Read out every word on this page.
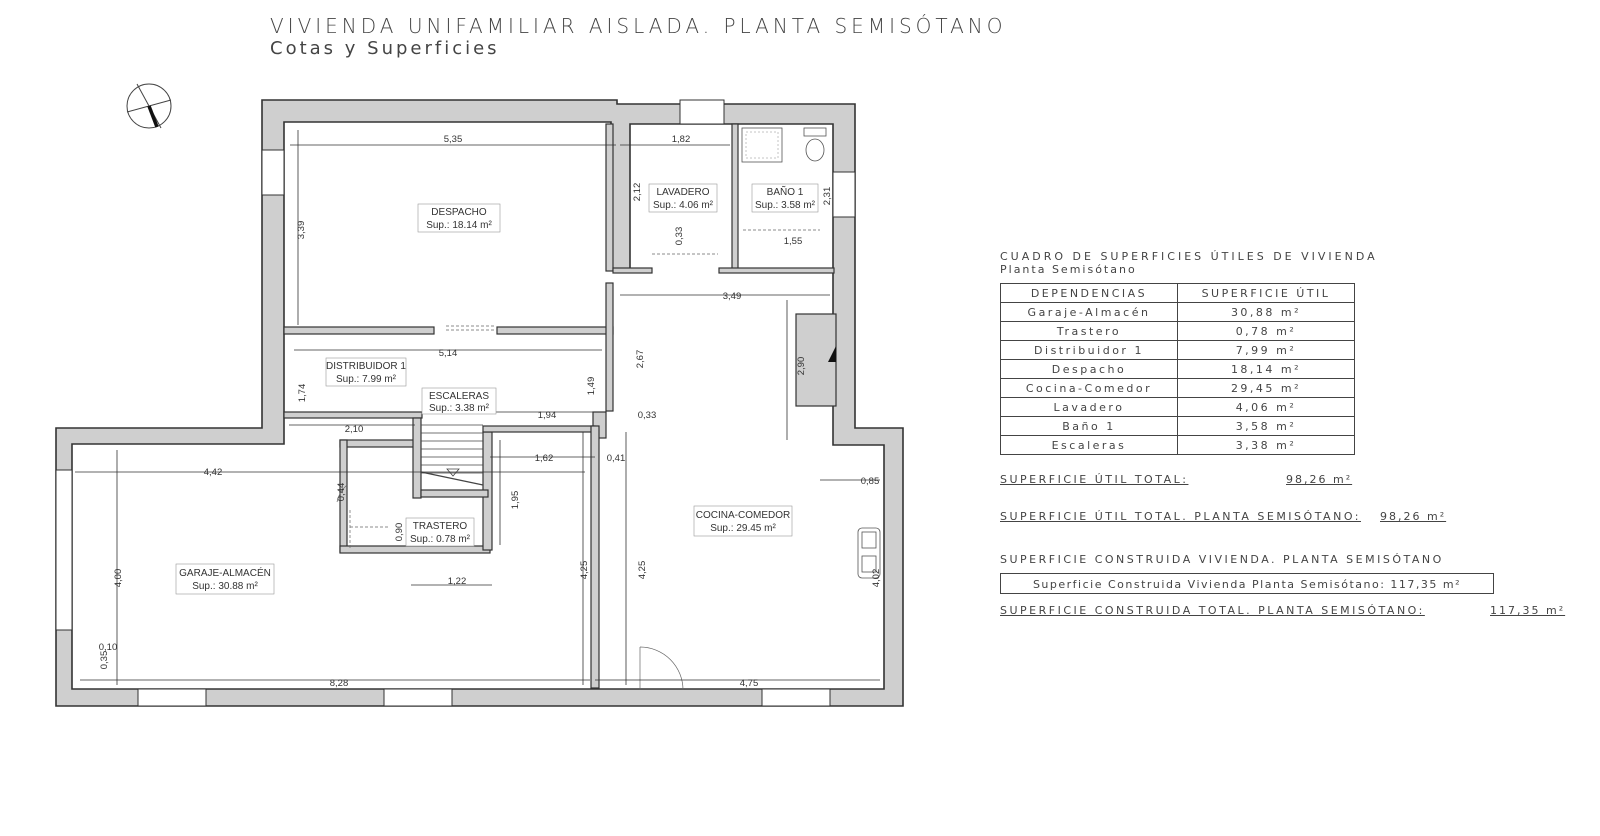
VIVIENDA UNIFAMILIAR AISLADA. PLANTA SEMISÓTANO
Cotas y Superficies
DESPACHO
Sup.: 18.14 m²
LAVADERO
Sup.: 4.06 m²
BAÑO 1
Sup.: 3.58 m²
DISTRIBUIDOR 1
Sup.: 7.99 m²
ESCALERAS
Sup.: 3.38 m²
TRASTERO
Sup.: 0.78 m²
GARAJE-ALMACÉN
Sup.: 30.88 m²
COCINA-COMEDOR
Sup.: 29.45 m²
5,35	1,82
3,39
2,12	2,31
1,55
0,33
3,49
5,14	2,67	2,90
1,74	1,49
2,10
1,94	0,33
4,42
1,62	0,41
0,85
1,95
0,90
0,44
1,22
4,00	4,25	4,25
0,10
0,35
8,28	4,75
4,02
CUADRO DE SUPERFICIES ÚTILES DE VIVIENDA
Planta Semisótano
DEPENDENCIAS	SUPERFICIE ÚTIL
Garaje-Almacén	30,88 m²
Trastero	0,78 m²
Distribuidor 1	7,99 m²
Despacho	18,14 m²
Cocina-Comedor	29,45 m²
Lavadero	4,06 m²
Baño 1	3,58 m²
Escaleras	3,38 m²
SUPERFICIE ÚTIL TOTAL:	98,26 m²
SUPERFICIE ÚTIL TOTAL. PLANTA SEMISÓTANO: 98,26 m²
SUPERFICIE CONSTRUIDA VIVIENDA. PLANTA SEMISÓTANO
Superficie Construida Vivienda Planta Semisótano: 117,35 m²
SUPERFICIE CONSTRUIDA TOTAL. PLANTA SEMISÓTANO:	117,35 m²
